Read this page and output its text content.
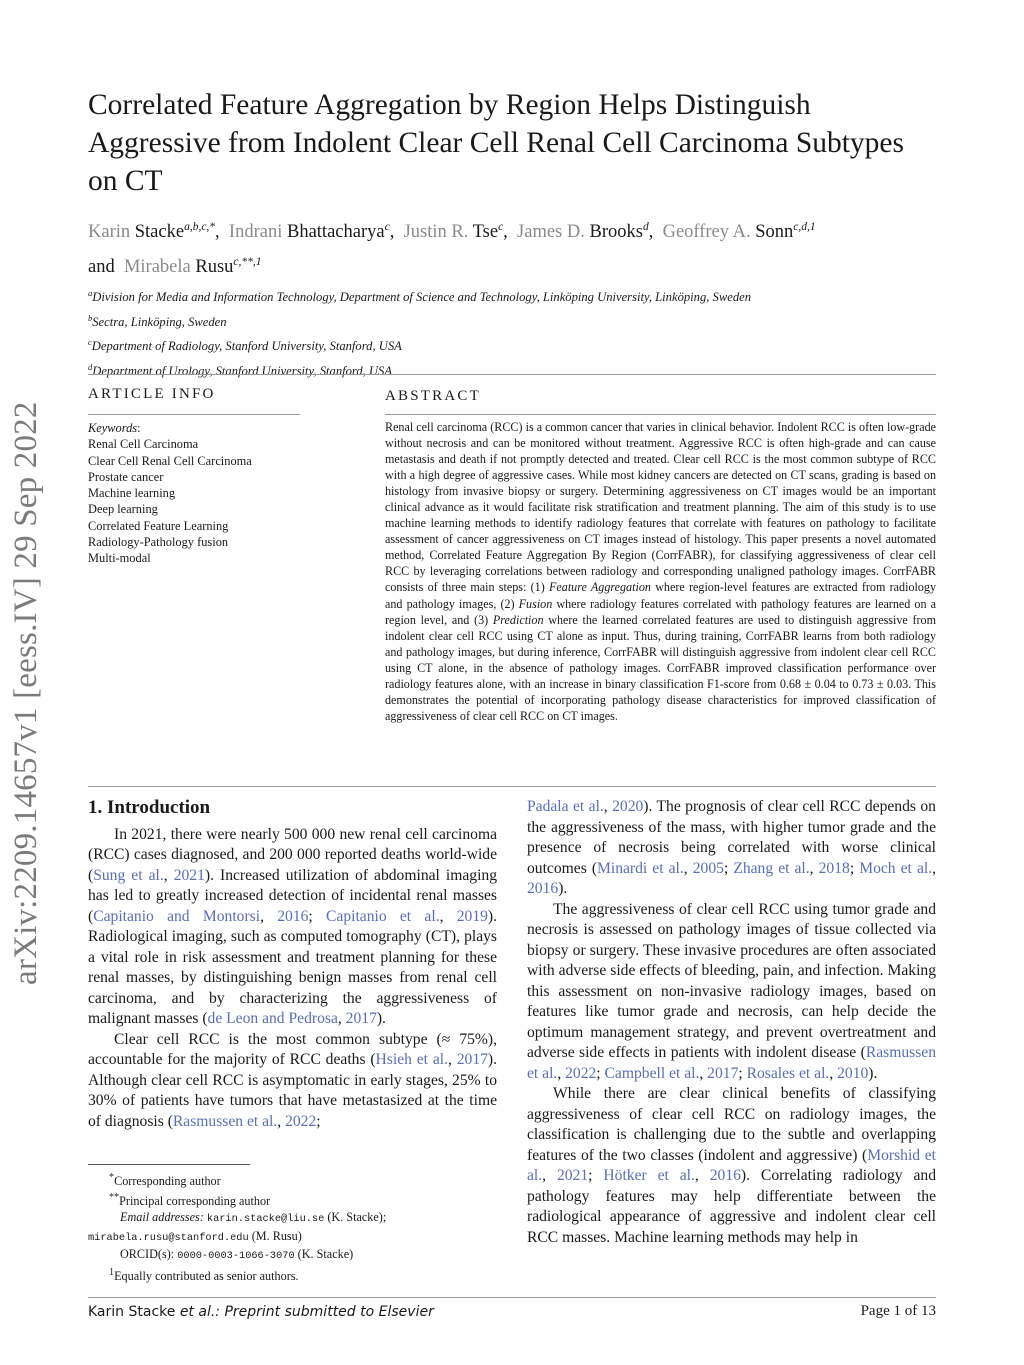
arXiv:2209.14657v1 [eess.IV] 29 Sep 2022
Correlated Feature Aggregation by Region Helps Distinguish
Aggressive from Indolent Clear Cell Renal Cell Carcinoma Subtypes
on CT
Karin Stacke$^{a,b,c,*}$,  Indrani Bhattacharya$^c$,  Justin R. Tse$^c$,  James D. Brooks$^d$,  Geoffrey A. Sonn$^{c,d,1}$
and Mirabela Rusu$^{c,**,1}$
$^a$Division for Media and Information Technology, Department of Science and Technology, Linköping University, Linköping, Sweden
$^b$Sectra, Linköping, Sweden
$^c$Department of Radiology, Stanford University, Stanford, USA
$^d$Department of Urology, Stanford University, Stanford, USA
ARTICLE INFO
Keywords:
Renal Cell Carcinoma
Clear Cell Renal Cell Carcinoma
Prostate cancer
Machine learning
Deep learning
Correlated Feature Learning
Radiology-Pathology fusion
Multi-modal
ABSTRACT
Renal cell carcinoma (RCC) is a common cancer that varies in clinical behavior. Indolent RCC is often low-grade without necrosis and can be monitored without treatment. Aggressive RCC is often high-grade and can cause metastasis and death if not promptly detected and treated. Clear cell RCC is the most common subtype of RCC with a high degree of aggressive cases. While most kidney cancers are detected on CT scans, grading is based on histology from invasive biopsy or surgery. Determining aggressiveness on CT images would be an important clinical advance as it would facilitate risk stratification and treatment planning. The aim of this study is to use machine learning methods to identify radiology features that correlate with features on pathology to facilitate assessment of cancer aggressiveness on CT images instead of histology. This paper presents a novel automated method, Correlated Feature Aggregation By Region (CorrFABR), for classifying aggressiveness of clear cell RCC by leveraging correlations between radiology and corresponding unaligned pathology images. CorrFABR consists of three main steps: (1) Feature Aggregation where region-level features are extracted from radiology and pathology images, (2) Fusion where radiology features correlated with pathology features are learned on a region level, and (3) Prediction where the learned correlated features are used to distinguish aggressive from indolent clear cell RCC using CT alone as input. Thus, during training, CorrFABR learns from both radiology and pathology images, but during inference, CorrFABR will distinguish aggressive from indolent clear cell RCC using CT alone, in the absence of pathology images. CorrFABR improved classification performance over radiology features alone, with an increase in binary classification F1-score from 0.68 ± 0.04 to 0.73 ± 0.03. This demonstrates the potential of incorporating pathology disease characteristics for improved classification of aggressiveness of clear cell RCC on CT images.
1. Introduction

In 2021, there were nearly 500 000 new renal cell carcinoma (RCC) cases diagnosed, and 200 000 reported deaths world-wide (Sung et al., 2021). Increased utilization of abdominal imaging has led to greatly increased detection of incidental renal masses (Capitanio and Montorsi, 2016; Capitanio et al., 2019). Radiological imaging, such as computed tomography (CT), plays a vital role in risk assessment and treatment planning for these renal masses, by distinguishing benign masses from renal cell carcinoma, and by characterizing the aggressiveness of malignant masses (de Leon and Pedrosa, 2017).

Clear cell RCC is the most common subtype (≈ 75%), accountable for the majority of RCC deaths (Hsieh et al., 2017). Although clear cell RCC is asymptomatic in early stages, 25% to 30% of patients have tumors that have metastasized at the time of diagnosis (Rasmussen et al., 2022;

*Corresponding author
**Principal corresponding author
Email addresses: karin.stacke@liu.se (K. Stacke);
mirabela.rusu@stanford.edu (M. Rusu)
ORCID(s): 0000-0003-1066-3070 (K. Stacke)
$^1$Equally contributed as senior authors.

Padala et al., 2020). The prognosis of clear cell RCC depends on the aggressiveness of the mass, with higher tumor grade and the presence of necrosis being correlated with worse clinical outcomes (Minardi et al., 2005; Zhang et al., 2018; Moch et al., 2016).

The aggressiveness of clear cell RCC using tumor grade and necrosis is assessed on pathology images of tissue collected via biopsy or surgery. These invasive procedures are often associated with adverse side effects of bleeding, pain, and infection. Making this assessment on non-invasive radiology images, based on features like tumor grade and necrosis, can help decide the optimum management strategy, and prevent overtreatment and adverse side effects in patients with indolent disease (Rasmussen et al., 2022; Campbell et al., 2017; Rosales et al., 2010).

While there are clear clinical benefits of classifying aggressiveness of clear cell RCC on radiology images, the classification is challenging due to the subtle and overlapping features of the two classes (indolent and aggressive) (Morshid et al., 2021; Hötker et al., 2016). Correlating radiology and pathology features may help differentiate between the radiological appearance of aggressive and indolent clear cell RCC masses. Machine learning methods may help in

Karin Stacke et al.: Preprint submitted to Elsevier	Page 1 of 13
